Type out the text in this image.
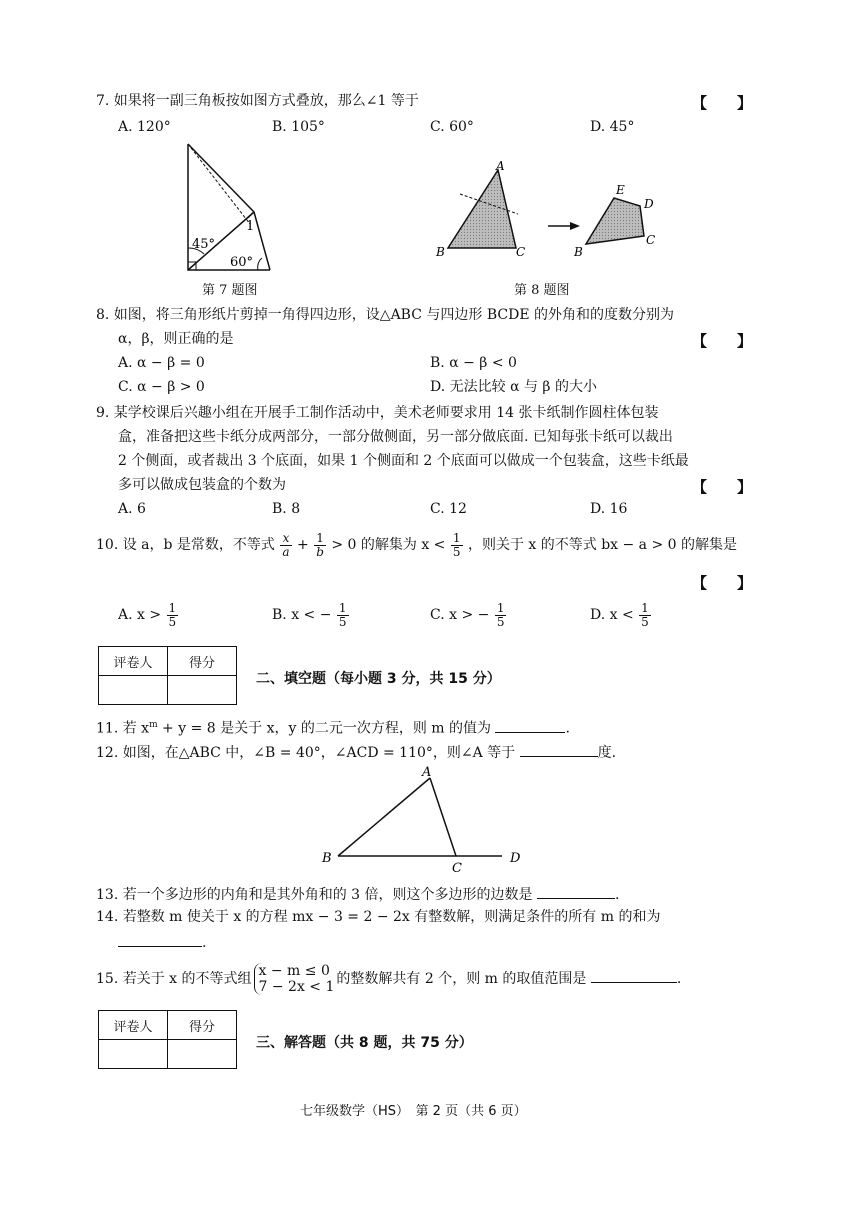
7. 如果将一副三角板按如图方式叠放，那么∠1 等于	【　　】
A. 120°	B. 105°	C. 60°	D. 45°
45°
60°
1
第 7 题图
A
B	C
E
D
C
B
第 8 题图
8. 如图，将三角形纸片剪掉一角得四边形，设△ABC 与四边形 BCDE 的外角和的度数分别为
α，β，则正确的是	【　　】
A. α − β = 0	B. α − β < 0
C. α − β > 0	D. 无法比较 α 与 β 的大小
9. 某学校课后兴趣小组在开展手工制作活动中，美术老师要求用 14 张卡纸制作圆柱体包装
盒，准备把这些卡纸分成两部分，一部分做侧面，另一部分做底面. 已知每张卡纸可以裁出
2 个侧面，或者裁出 3 个底面，如果 1 个侧面和 2 个底面可以做成一个包装盒，这些卡纸最
多可以做成包装盒的个数为	【　　】
A. 6	B. 8	C. 12	D. 16
10. 设 a，b 是常数，不等式 $\frac{x}{a} + \frac{1}{b} > 0$ 的解集为 $x < \frac{1}{5}$ ，则关于 x 的不等式 bx − a > 0 的解集是
【　　】
A. $x > \frac{1}{5}$	B. x < − $\frac{1}{5}$	C. x > − $\frac{1}{5}$	D. $x < \frac{1}{5}$
评卷人	得分

二、填空题（每小题 3 分，共 15 分）
11. 若 $x^m + y = 8$ 是关于 x，y 的二元一次方程，则 m 的值为	.
12. 如图，在△ABC 中，∠B = 40°，∠ACD = 110°，则∠A 等于	度.
A
B
C
D
13. 若一个多边形的内角和是其外角和的 3 倍，则这个多边形的边数是	.
14. 若整数 m 使关于 x 的方程 mx − 3 = 2 − 2x 有整数解，则满足条件的所有 m 的和为
.
15. 若关于 x 的不等式组 x − m ≤ 0
7 − 2x < 1 的整数解共有 2 个，则 m 的取值范围是	.
评卷人	得分

三、解答题（共 8 题，共 75 分）
七年级数学（HS）　第 2 页（共 6 页）
